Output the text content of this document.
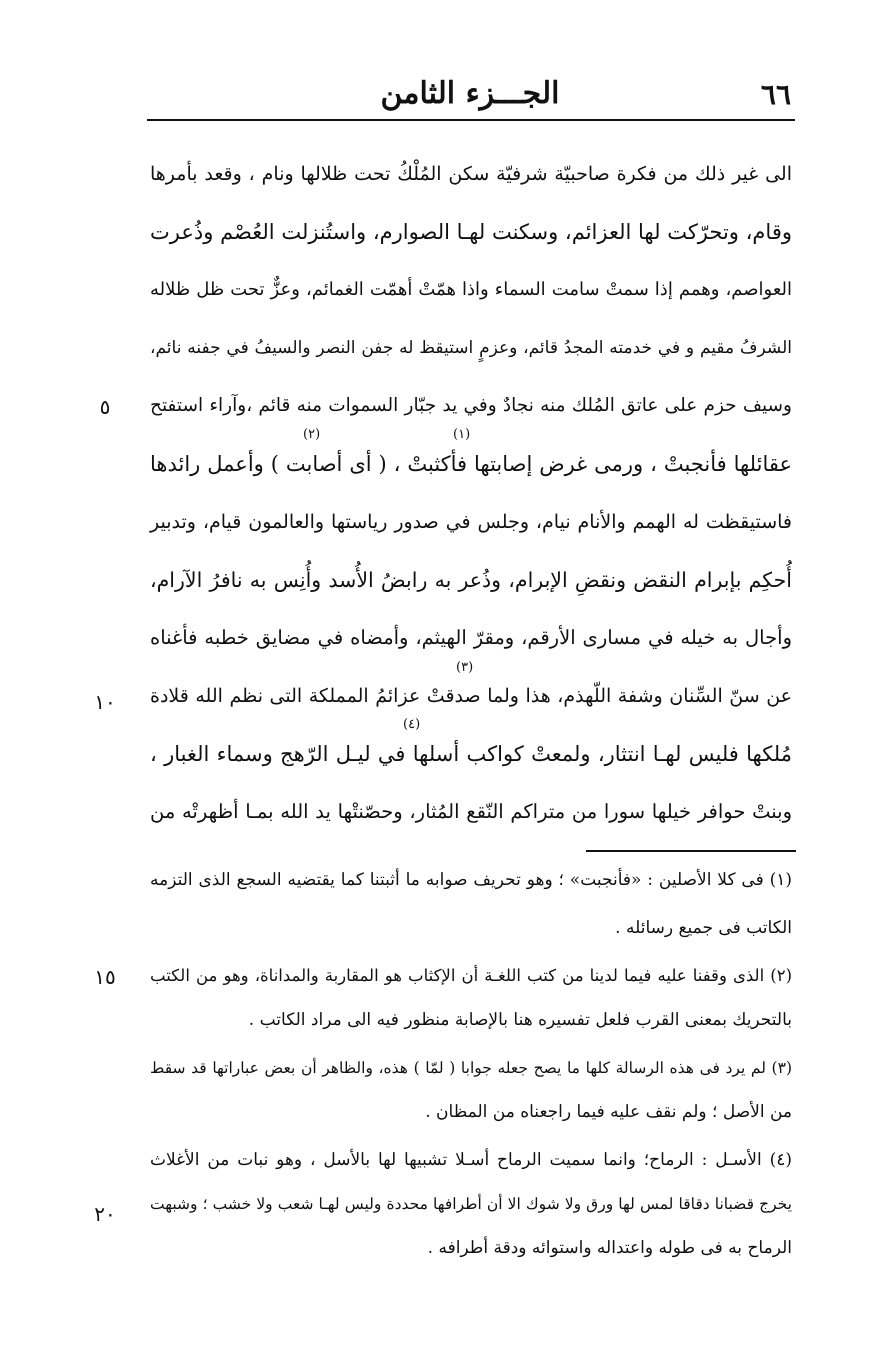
٦٦
الجـــزء الثامن
الى غير ذلك من فكرة صاحبيّة شرفيّة سكن المُلْكُ تحت ظلالها ونام ، وقعد بأمرها
وقام، وتحرّكت لها العزائم، وسكنت لهـا الصوارم، واستُنزلت العُصْم وذُعرت
العواصم، وهمم إذا سمتْ سامت السماء واذا همّتْ أهمّت الغمائم، وعزٌّ تحت ظل ظلاله
الشرفُ مقيم و في خدمته المجدُ قائم، وعزمٍ استيقظ له جفن النصر والسيفُ في جفنه نائم،
وسيف حزم على عاتق المُلك منه نجادٌ وفي يد جبّار السموات منه قائم ،وآراء استفتح
عقائلها فأنجبتْ ، ورمى غرض إصابتها فأكثبتْ ، ( أى أصابت ) وأعمل رائدها
فاستيقظت له الهمم والأنام نيام، وجلس في صدور رياستها والعالمون قيام، وتدبير
أُحكِم بإبرام النقض ونقضِ الإبرام، وذُعر به رابضُ الأُسد وأُنِس به نافرُ الآرام،
وأجال به خيله في مسارى الأرقم، ومقرّ الهيثم، وأمضاه في مضايق خطبه فأغناه
عن سنّ السِّنان وشفة اللّهذم، هذا ولما صدقتْ عزائمُ المملكة التى نظم الله قلادة
مُلكها فليس لهـا انتثار، ولمعتْ كواكب أسلها في ليـل الرّهج وسماء الغبار ،
وبنتْ حوافر خيلها سورا من متراكم النّقع المُثار، وحصّنتْها يد الله بمـا أظهرتْه من
(١)
(٢)
(٣)
(٤)
٥
١٠
١٥
٢٠
(١) فى كلا الأصلين : «فأنجبت» ؛ وهو تحريف صوابه ما أثبتنا كما يقتضيه السجع الذى التزمه
الكاتب فى جميع رسائله .
(٢) الذى وقفنا عليه فيما لدينا من كتب اللغـة أن الإكثاب هو المقاربة والمداناة، وهو من الكتب
بالتحريك بمعنى القرب فلعل تفسيره هنا بالإصابة منظور فيه الى مراد الكاتب .
(٣) لم يرد فى هذه الرسالة كلها ما يصح جعله جوابا ( لمّا ) هذه، والظاهر أن بعض عباراتها قد سقط
من الأصل ؛ ولم نقف عليه فيما راجعناه من المظان .
(٤) الأسـل : الرماح؛ وانما سميت الرماح أسـلا تشبيها لها بالأسل ، وهو نبات من الأغلاث
يخرج قضبانا دقاقا لمس لها ورق ولا شوك الا أن أطرافها محددة وليس لهـا شعب ولا خشب ؛ وشبهت
الرماح به فى طوله واعتداله واستوائه ودقة أطرافه .
